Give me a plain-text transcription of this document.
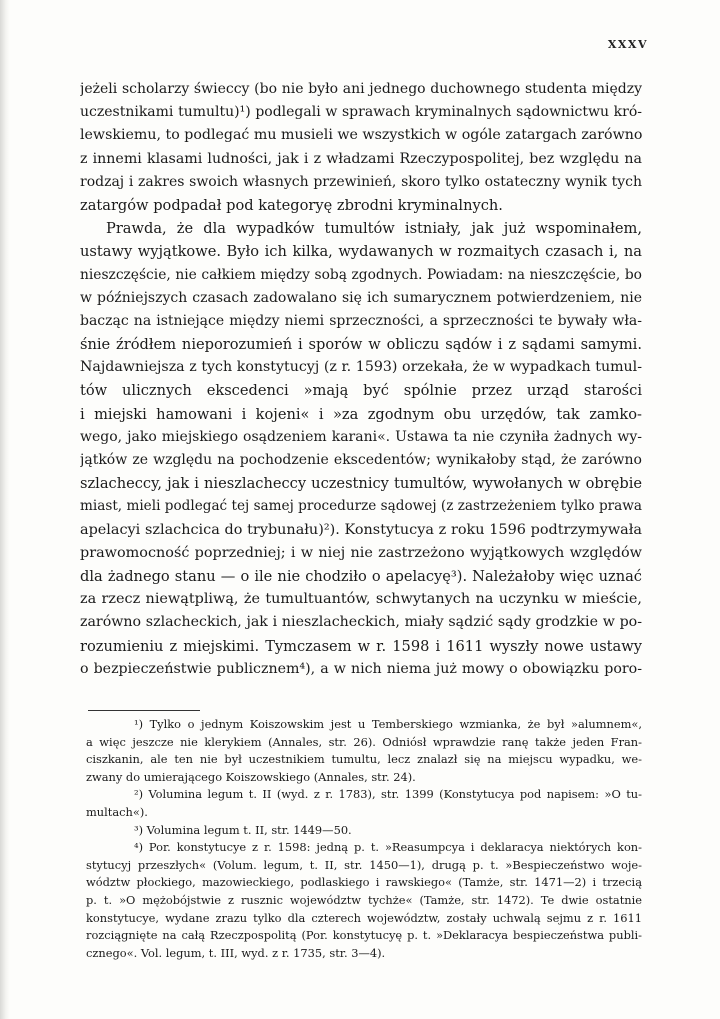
XXXV
jeżeli scholarzy świeccy (bo nie było ani jednego duchownego studenta między
uczestnikami tumultu)¹) podlegali w sprawach kryminalnych sądownictwu kró-
lewskiemu, to podlegać mu musieli we wszystkich w ogóle zatargach zarówno
z innemi klasami ludności, jak i z władzami Rzeczypospolitej, bez względu na
rodzaj i zakres swoich własnych przewinień, skoro tylko ostateczny wynik tych
zatargów podpadał pod kategoryę zbrodni kryminalnych.
Prawda, że dla wypadków tumultów istniały, jak już wspominałem,
ustawy wyjątkowe. Było ich kilka, wydawanych w rozmaitych czasach i, na
nieszczęście, nie całkiem między sobą zgodnych. Powiadam: na nieszczęście, bo
w późniejszych czasach zadowalano się ich sumarycznem potwierdzeniem, nie
bacząc na istniejące między niemi sprzeczności, a sprzeczności te bywały wła-
śnie źródłem nieporozumień i sporów w obliczu sądów i z sądami samymi.
Najdawniejsza z tych konstytucyj (z r. 1593) orzekała, że w wypadkach tumul-
tów ulicznych ekscedenci »mają być spólnie przez urząd starości
i miejski hamowani i kojeni« i »za zgodnym obu urzędów, tak zamko-
wego, jako miejskiego osądzeniem karani«. Ustawa ta nie czyniła żadnych wy-
jątków ze względu na pochodzenie ekscedentów; wynikałoby stąd, że zarówno
szlacheccy, jak i nieszlacheccy uczestnicy tumultów, wywołanych w obrębie
miast, mieli podlegać tej samej procedurze sądowej (z zastrzeżeniem tylko prawa
apelacyi szlachcica do trybunału)²). Konstytucya z roku 1596 podtrzymywała
prawomocność poprzedniej; i w niej nie zastrzeżono wyjątkowych względów
dla żadnego stanu — o ile nie chodziło o apelacyę³). Należałoby więc uznać
za rzecz niewątpliwą, że tumultuantów, schwytanych na uczynku w mieście,
zarówno szlacheckich, jak i nieszlacheckich, miały sądzić sądy grodzkie w po-
rozumieniu z miejskimi. Tymczasem w r. 1598 i 1611 wyszły nowe ustawy
o bezpieczeństwie publicznem⁴), a w nich niema już mowy o obowiązku poro-
¹) Tylko o jednym Koiszowskim jest u Temberskiego wzmianka, że był »alumnem«,
a więc jeszcze nie klerykiem (Annales, str. 26). Odniósł wprawdzie ranę także jeden Fran-
ciszkanin, ale ten nie był uczestnikiem tumultu, lecz znalazł się na miejscu wypadku, we-
zwany do umierającego Koiszowskiego (Annales, str. 24).
²) Volumina legum t. II (wyd. z r. 1783), str. 1399 (Konstytucya pod napisem: »O tu-
multach«).
³) Volumina legum t. II, str. 1449—50.
⁴) Por. konstytucye z r. 1598: jedną p. t. »Reasumpcya i deklaracya niektórych kon-
stytucyj przeszłych« (Volum. legum, t. II, str. 1450—1), drugą p. t. »Bespieczeństwo woje-
wództw płockiego, mazowieckiego, podlaskiego i rawskiego« (Tamże, str. 1471—2) i trzecią
p. t. »O mężobójstwie z rusznic województw tychże« (Tamże, str. 1472). Te dwie ostatnie
konstytucye, wydane zrazu tylko dla czterech województw, zostały uchwalą sejmu z r. 1611
rozciągnięte na całą Rzeczpospolitą (Por. konstytucyę p. t. »Deklaracya bespieczeństwa publi-
cznego«. Vol. legum, t. III, wyd. z r. 1735, str. 3—4).
